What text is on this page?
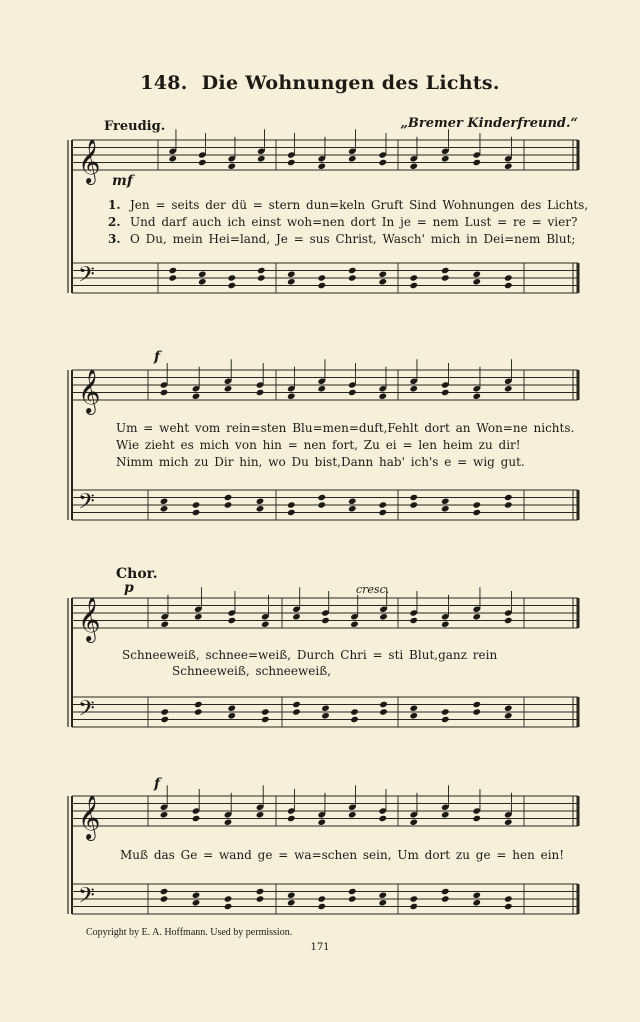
148. Die Wohnungen des Lichts.
Freudig.	„Bremer Kinderfreund.“
𝄞
𝄢
𝄞
𝄢
𝄞
𝄢
𝄞
𝄢
mf
f
p	cresc.
f
Chor.
1. Jen = seits der dü = stern dun=keln Gruft Sind Wohnungen des Lichts,
2. Und darf auch ich einst woh=nen dort In je = nem Lust = re = vier?
3. O Du, mein Hei=land, Je = sus Christ, Wasch' mich in Dei=nem Blut;
Um = weht vom rein=sten Blu=men=duft,Fehlt dort an Won=ne nichts.
Wie zieht es mich von hin = nen fort, Zu ei = len heim zu dir!
Nimm mich zu Dir hin, wo Du bist,Dann hab' ich's e = wig gut.
Schneeweiß, schnee=weiß, Durch Chri = sti Blut,ganz rein
Schneeweiß, schneeweiß,
Muß das Ge = wand ge = wa=schen sein, Um dort zu ge = hen ein!
Copyright by E. A. Hoffmann. Used by permission.
171
